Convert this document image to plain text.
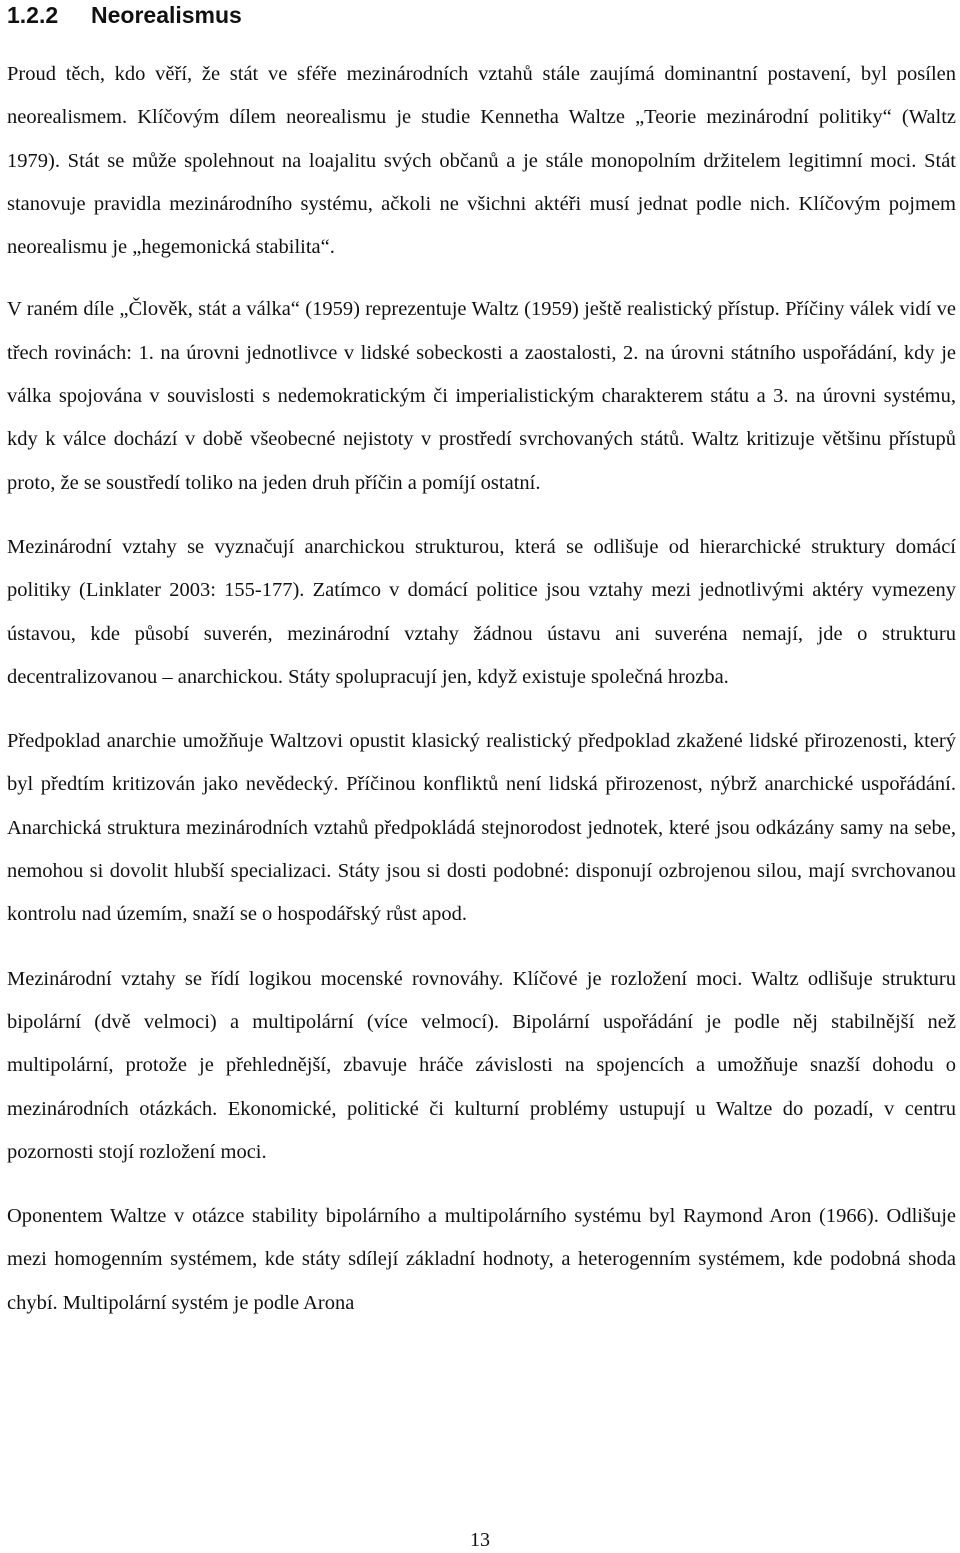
1.2.2 Neorealismus

Proud těch, kdo věří, že stát ve sféře mezinárodních vztahů stále zaujímá dominantní postavení, byl posílen neorealismem. Klíčovým dílem neorealismu je studie Kennetha Waltze „Teorie mezinárodní politiky“ (Waltz 1979). Stát se může spolehnout na loajalitu svých občanů a je stále monopolním držitelem legitimní moci. Stát stanovuje pravidla mezinárodního systému, ačkoli ne všichni aktéři musí jednat podle nich. Klíčovým pojmem neorealismu je „hegemonická stabilita“.

V raném díle „Člověk, stát a válka“ (1959) reprezentuje Waltz (1959) ještě realistický přístup. Příčiny válek vidí ve třech rovinách: 1. na úrovni jednotlivce v lidské sobeckosti a zaostalosti, 2. na úrovni státního uspořádání, kdy je válka spojována v souvislosti s nedemokratickým či imperialistickým charakterem státu a 3. na úrovni systému, kdy k válce dochází v době všeobecné nejistoty v prostředí svrchovaných států. Waltz kritizuje většinu přístupů proto, že se soustředí toliko na jeden druh příčin a pomíjí ostatní.

Mezinárodní vztahy se vyznačují anarchickou strukturou, která se odlišuje od hierarchické struktury domácí politiky (Linklater 2003: 155-177). Zatímco v domácí politice jsou vztahy mezi jednotlivými aktéry vymezeny ústavou, kde působí suverén, mezinárodní vztahy žádnou ústavu ani suveréna nemají, jde o strukturu decentralizovanou – anarchickou. Státy spolupracují jen, když existuje společná hrozba.

Předpoklad anarchie umožňuje Waltzovi opustit klasický realistický předpoklad zkažené lidské přirozenosti, který byl předtím kritizován jako nevědecký. Příčinou konfliktů není lidská přirozenost, nýbrž anarchické uspořádání. Anarchická struktura mezinárodních vztahů předpokládá stejnorodost jednotek, které jsou odkázány samy na sebe, nemohou si dovolit hlubší specializaci. Státy jsou si dosti podobné: disponují ozbrojenou silou, mají svrchovanou kontrolu nad územím, snaží se o hospodářský růst apod.

Mezinárodní vztahy se řídí logikou mocenské rovnováhy. Klíčové je rozložení moci. Waltz odlišuje strukturu bipolární (dvě velmoci) a multipolární (více velmocí). Bipolární uspořádání je podle něj stabilnější než multipolární, protože je přehlednější, zbavuje hráče závislosti na spojencích a umožňuje snazší dohodu o mezinárodních otázkách. Ekonomické, politické či kulturní problémy ustupují u Waltze do pozadí, v centru pozornosti stojí rozložení moci.

Oponentem Waltze v otázce stability bipolárního a multipolárního systému byl Raymond Aron (1966). Odlišuje mezi homogenním systémem, kde státy sdílejí základní hodnoty, a heterogenním systémem, kde podobná shoda chybí. Multipolární systém je podle Arona

13
